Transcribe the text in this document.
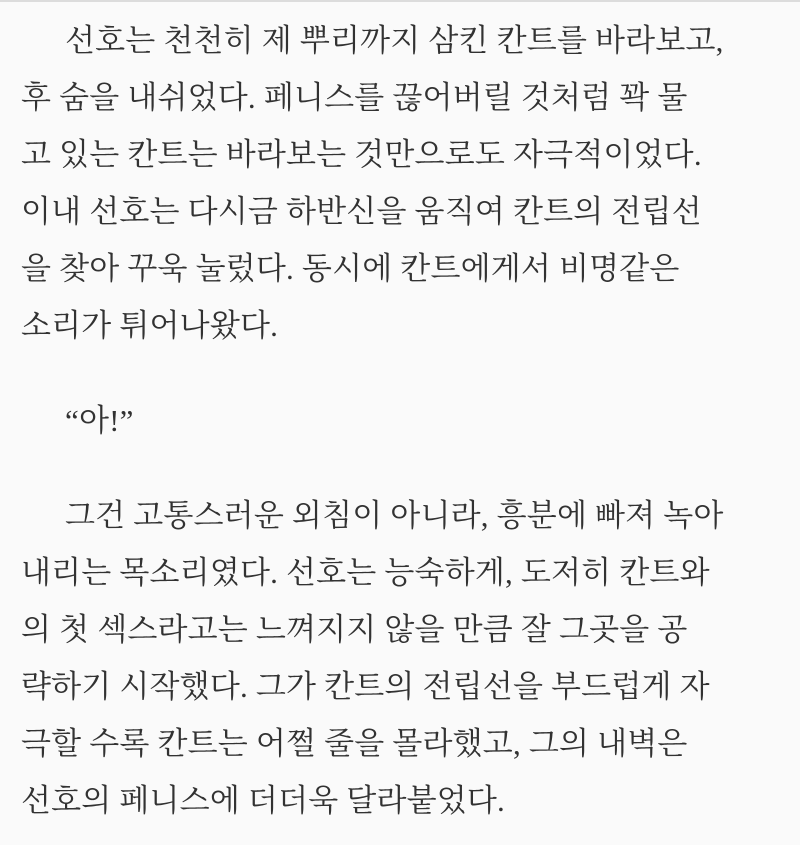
선호는 천천히 제 뿌리까지 삼킨 칸트를 바라보고,
후 숨을 내쉬었다. 페니스를 끊어버릴 것처럼 꽉 물
고 있는 칸트는 바라보는 것만으로도 자극적이었다.
이내 선호는 다시금 하반신을 움직여 칸트의 전립선
을 찾아 꾸욱 눌렀다. 동시에 칸트에게서 비명같은
소리가 튀어나왔다.
“아!”
그건 고통스러운 외침이 아니라, 흥분에 빠져 녹아
내리는 목소리였다. 선호는 능숙하게, 도저히 칸트와
의 첫 섹스라고는 느껴지지 않을 만큼 잘 그곳을 공
략하기 시작했다. 그가 칸트의 전립선을 부드럽게 자
극할 수록 칸트는 어쩔 줄을 몰라했고, 그의 내벽은
선호의 페니스에 더더욱 달라붙었다.
